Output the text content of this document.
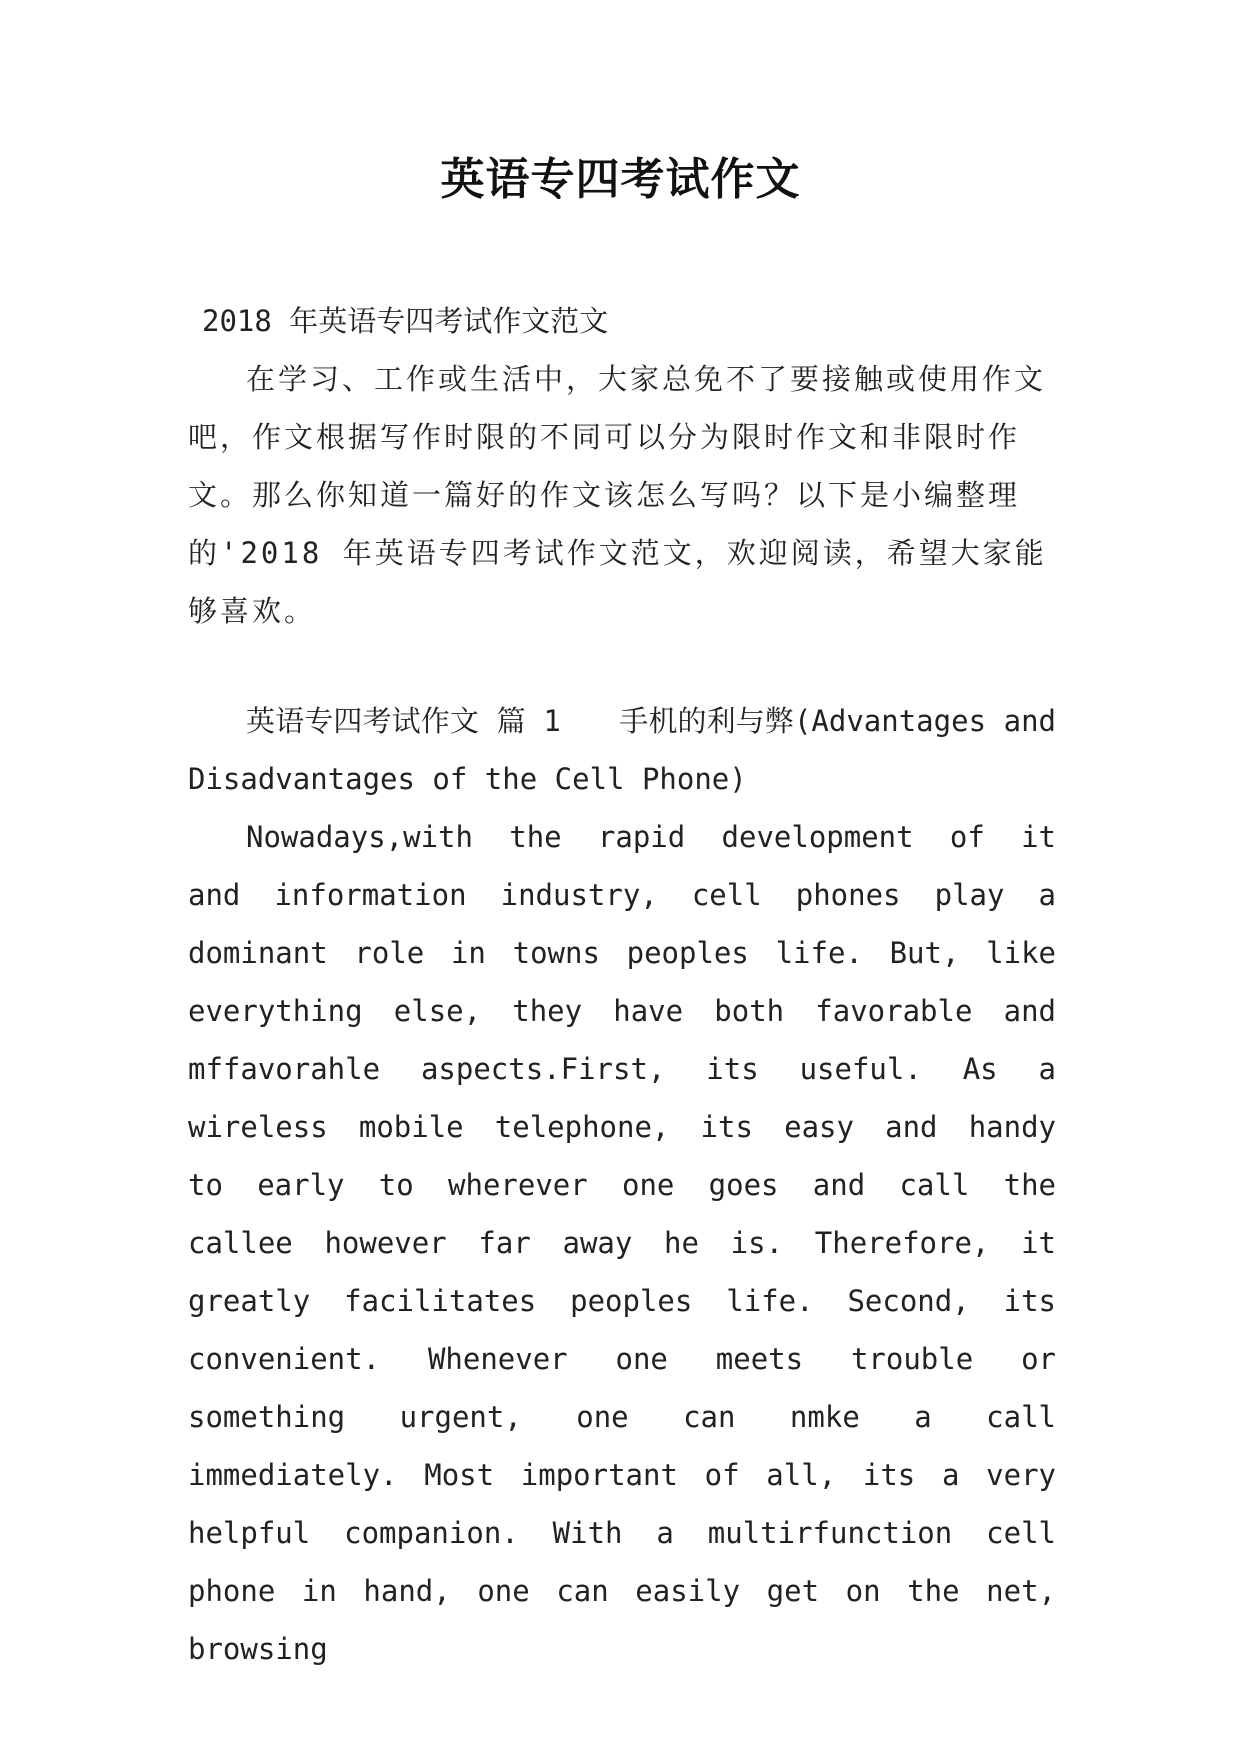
英语专四考试作文
2018 年英语专四考试作文范文

在学习、工作或生活中，大家总免不了要接触或使用作文吧，作文根据写作时限的不同可以分为限时作文和非限时作文。那么你知道一篇好的作文该怎么写吗？以下是小编整理的'2018 年英语专四考试作文范文，欢迎阅读，希望大家能够喜欢。

英语专四考试作文 篇 1　　手机的利与弊(Advantages and Disadvantages of the Cell Phone)

Nowadays,with the rapid development of it and information industry, cell phones play a dominant role in towns peoples life. But, like everything else, they have both favorable and mffavorahle aspects.First, its useful. As a wireless mobile telephone, its easy and handy to early to wherever one goes and call the callee however far away he is. Therefore, it greatly facilitates peoples life. Second, its convenient. Whenever one meets trouble or something urgent, one can nmke a call immediately. Most important of all, its a very helpful companion. With a multirfunction cell phone in hand, one can easily get on the net, browsing
